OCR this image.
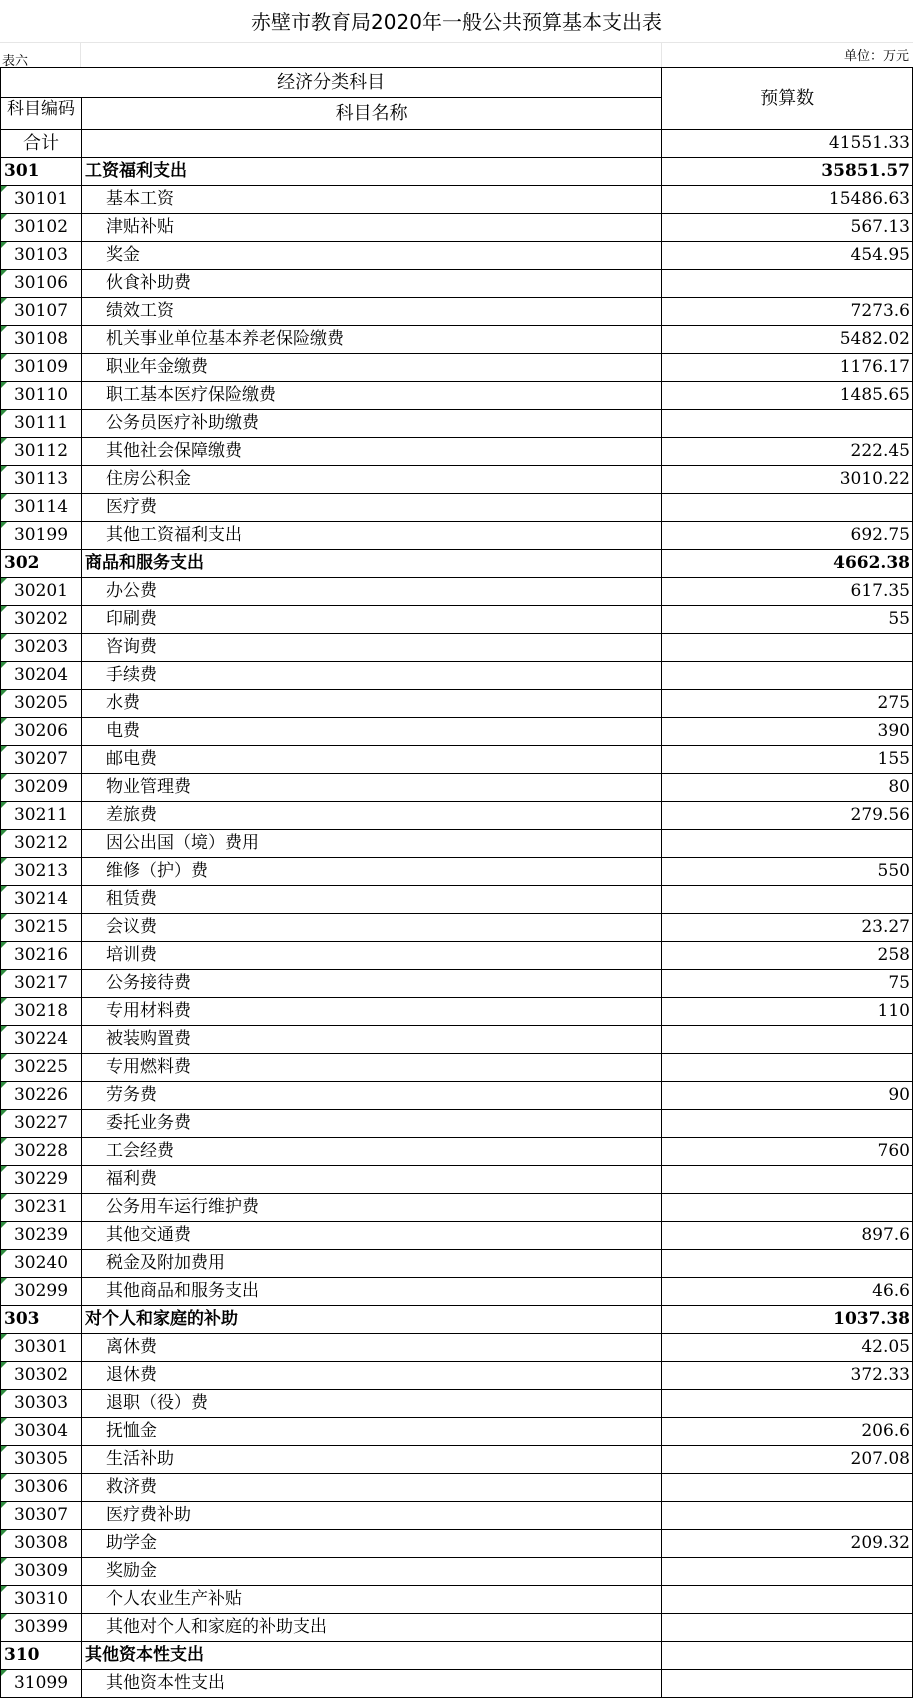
赤壁市教育局2020年一般公共预算基本支出表
表六	单位：万元
经济分类科目		预算数
科目编码	科目名称	
合计		41551.33
301	工资福利支出	35851.57
30101	基本工资	15486.63
30102	津贴补贴	567.13
30103	奖金	454.95
30106	伙食补助费	
30107	绩效工资	7273.6
30108	机关事业单位基本养老保险缴费	5482.02
30109	职业年金缴费	1176.17
30110	职工基本医疗保险缴费	1485.65
30111	公务员医疗补助缴费	
30112	其他社会保障缴费	222.45
30113	住房公积金	3010.22
30114	医疗费	
30199	其他工资福利支出	692.75
302	商品和服务支出	4662.38
30201	办公费	617.35
30202	印刷费	55
30203	咨询费	
30204	手续费	
30205	水费	275
30206	电费	390
30207	邮电费	155
30209	物业管理费	80
30211	差旅费	279.56
30212	因公出国（境）费用	
30213	维修（护）费	550
30214	租赁费	
30215	会议费	23.27
30216	培训费	258
30217	公务接待费	75
30218	专用材料费	110
30224	被装购置费	
30225	专用燃料费	
30226	劳务费	90
30227	委托业务费	
30228	工会经费	760
30229	福利费	
30231	公务用车运行维护费	
30239	其他交通费	897.6
30240	税金及附加费用	
30299	其他商品和服务支出	46.6
303	对个人和家庭的补助	1037.38
30301	离休费	42.05
30302	退休费	372.33
30303	退职（役）费	
30304	抚恤金	206.6
30305	生活补助	207.08
30306	救济费	
30307	医疗费补助	
30308	助学金	209.32
30309	奖励金	
30310	个人农业生产补贴	
30399	其他对个人和家庭的补助支出	
310	其他资本性支出	
31099	其他资本性支出	
